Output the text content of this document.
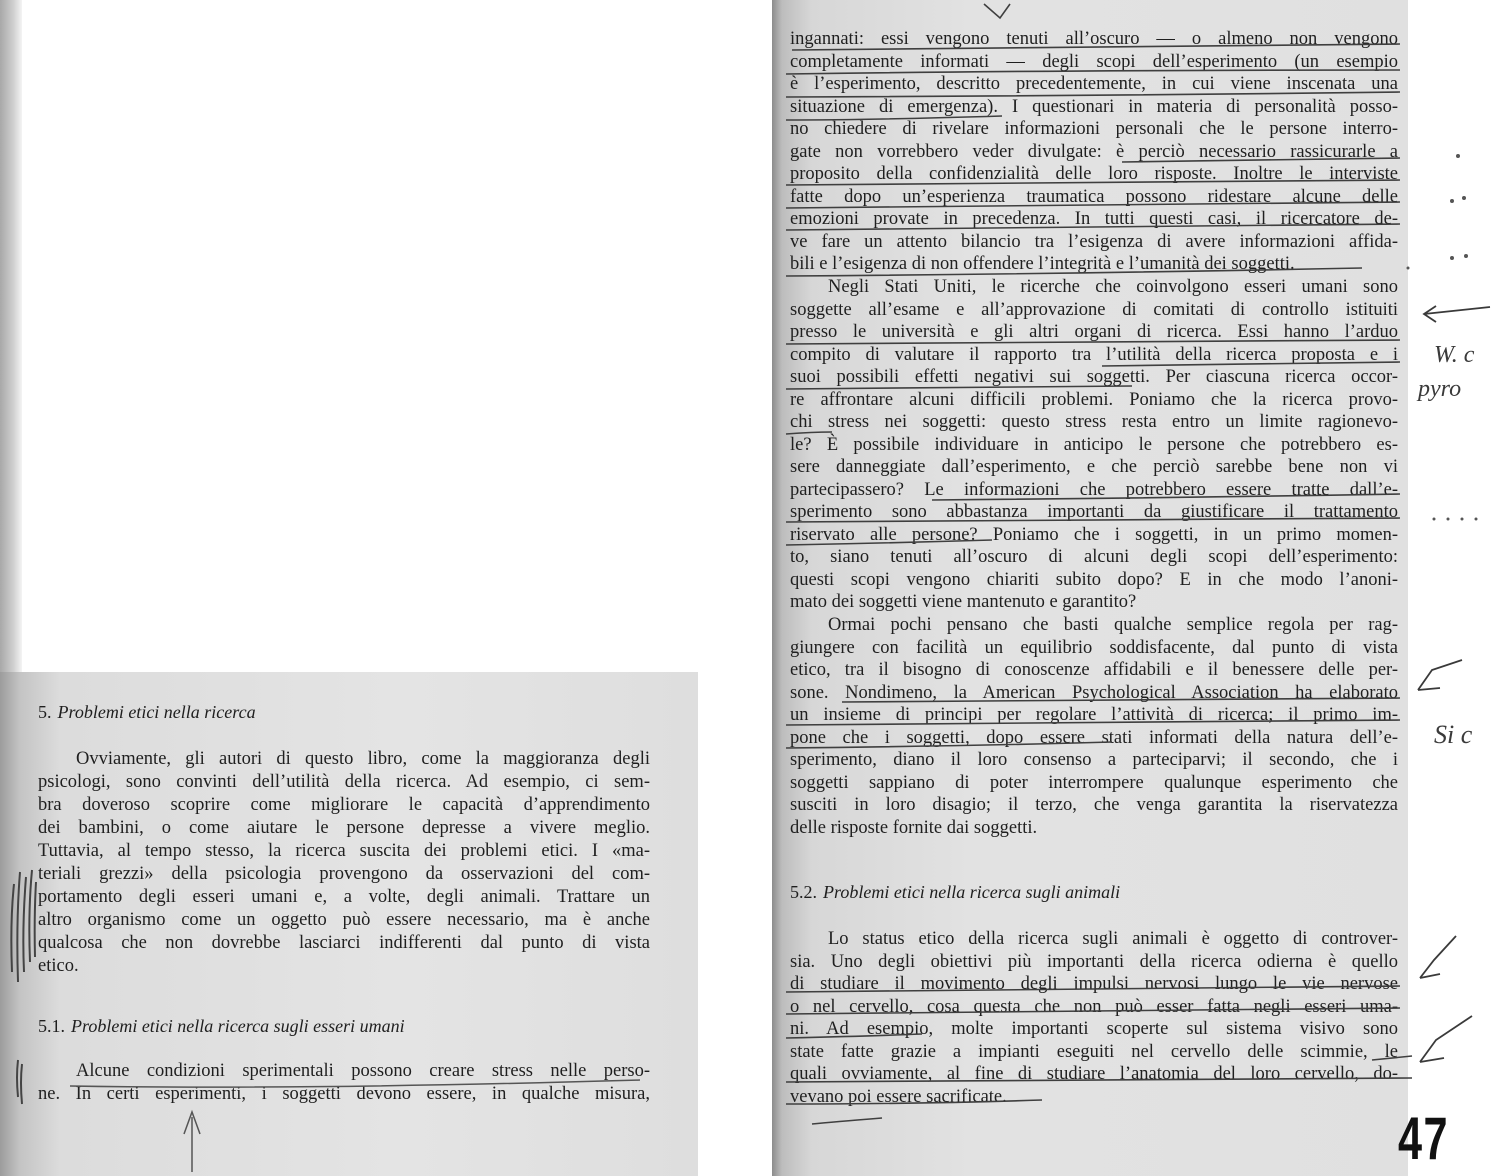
5. Problemi etici nella ricerca
Ovviamente, gli autori di questo libro, come la maggioranza degli
psicologi, sono convinti dell’utilità della ricerca. Ad esempio, ci sem-
bra doveroso scoprire come migliorare le capacità d’apprendimento
dei bambini, o come aiutare le persone depresse a vivere meglio.
Tuttavia, al tempo stesso, la ricerca suscita dei problemi etici. I «ma-
teriali grezzi» della psicologia provengono da osservazioni del com-
portamento degli esseri umani e, a volte, degli animali. Trattare un
altro organismo come un oggetto può essere necessario, ma è anche
qualcosa che non dovrebbe lasciarci indifferenti dal punto di vista
etico.
5.1. Problemi etici nella ricerca sugli esseri umani
Alcune condizioni sperimentali possono creare stress nelle perso-
ne. In certi esperimenti, i soggetti devono essere, in qualche misura,
ingannati: essi vengono tenuti all’oscuro — o almeno non vengono
completamente informati — degli scopi dell’esperimento (un esempio
è l’esperimento, descritto precedentemente, in cui viene inscenata una
situazione di emergenza). I questionari in materia di personalità posso-
no chiedere di rivelare informazioni personali che le persone interro-
gate non vorrebbero veder divulgate: è perciò necessario rassicurarle a
proposito della confidenzialità delle loro risposte. Inoltre le interviste
fatte dopo un’esperienza traumatica possono ridestare alcune delle
emozioni provate in precedenza. In tutti questi casi, il ricercatore de-
ve fare un attento bilancio tra l’esigenza di avere informazioni affida-
bili e l’esigenza di non offendere l’integrità e l’umanità dei soggetti.
Negli Stati Uniti, le ricerche che coinvolgono esseri umani sono
soggette all’esame e all’approvazione di comitati di controllo istituiti
presso le università e gli altri organi di ricerca. Essi hanno l’arduo
compito di valutare il rapporto tra l’utilità della ricerca proposta e i
suoi possibili effetti negativi sui soggetti. Per ciascuna ricerca occor-
re affrontare alcuni difficili problemi. Poniamo che la ricerca provo-
chi stress nei soggetti: questo stress resta entro un limite ragionevo-
le? È possibile individuare in anticipo le persone che potrebbero es-
sere danneggiate dall’esperimento, e che perciò sarebbe bene non vi
partecipassero? Le informazioni che potrebbero essere tratte dall’e-
sperimento sono abbastanza importanti da giustificare il trattamento
riservato alle persone? Poniamo che i soggetti, in un primo momen-
to, siano tenuti all’oscuro di alcuni degli scopi dell’esperimento:
questi scopi vengono chiariti subito dopo? E in che modo l’anoni-
mato dei soggetti viene mantenuto e garantito?
Ormai pochi pensano che basti qualche semplice regola per rag-
giungere con facilità un equilibrio soddisfacente, dal punto di vista
etico, tra il bisogno di conoscenze affidabili e il benessere delle per-
sone. Nondimeno, la American Psychological Association ha elaborato
un insieme di principi per regolare l’attività di ricerca; il primo im-
pone che i soggetti, dopo essere stati informati della natura dell’e-
sperimento, diano il loro consenso a parteciparvi; il secondo, che i
soggetti sappiano di poter interrompere qualunque esperimento che
susciti in loro disagio; il terzo, che venga garantita la riservatezza
delle risposte fornite dai soggetti.
5.2. Problemi etici nella ricerca sugli animali
Lo status etico della ricerca sugli animali è oggetto di controver-
sia. Uno degli obiettivi più importanti della ricerca odierna è quello
di studiare il movimento degli impulsi nervosi lungo le vie nervose
o nel cervello, cosa questa che non può esser fatta negli esseri uma-
ni. Ad esempio, molte importanti scoperte sul sistema visivo sono
state fatte grazie a impianti eseguiti nel cervello delle scimmie, le
quali ovviamente, al fine di studiare l’anatomia del loro cervello, do-
vevano poi essere sacrificate.
W. c
pyro
Si c
47
